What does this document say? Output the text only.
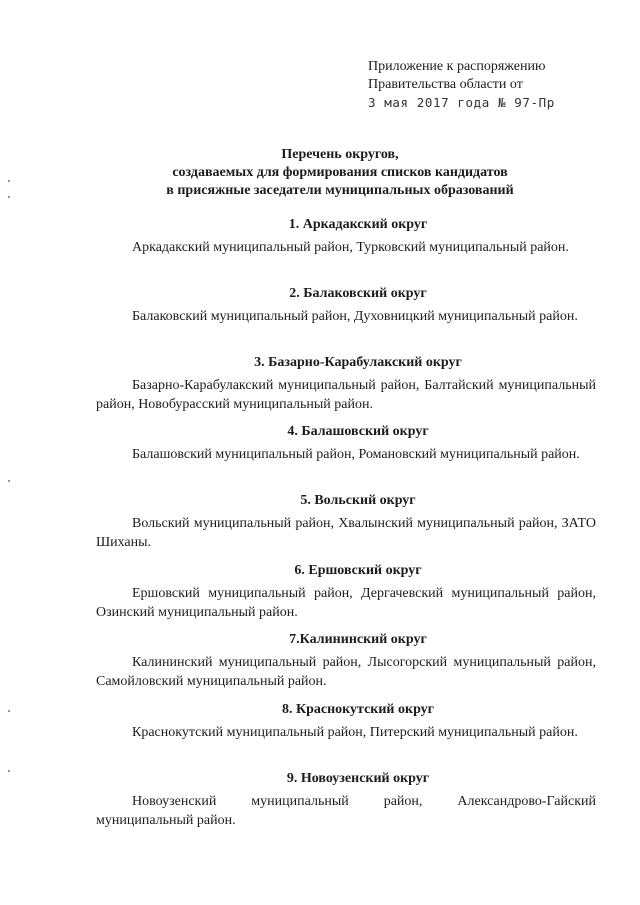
Приложение к распоряжению
Правительства области от
3 мая 2017 года № 97-Пр
Перечень округов,
создаваемых для формирования списков кандидатов
в присяжные заседатели муниципальных образований
1. Аркадакский округ
Аркадакский муниципальный район, Турковский муниципальный район.
2. Балаковский округ
Балаковский муниципальный район, Духовницкий муниципальный район.
3. Базарно-Карабулакский округ
Базарно-Карабулакский муниципальный район, Балтайский муниципальный район, Новобурасский муниципальный район.
4. Балашовский округ
Балашовский муниципальный район, Романовский муниципальный район.
5. Вольский округ
Вольский муниципальный район, Хвалынский муниципальный район, ЗАТО Шиханы.
6. Ершовский округ
Ершовский муниципальный район, Дергачевский муниципальный район, Озинский муниципальный район.
7.Калининский округ
Калининский муниципальный район, Лысогорский муниципальный район, Самойловский муниципальный район.
8. Краснокутский округ
Краснокутский муниципальный район, Питерский муниципальный район.
9. Новоузенский округ
Новоузенский муниципальный район, Александрово-Гайский муниципальный район.
